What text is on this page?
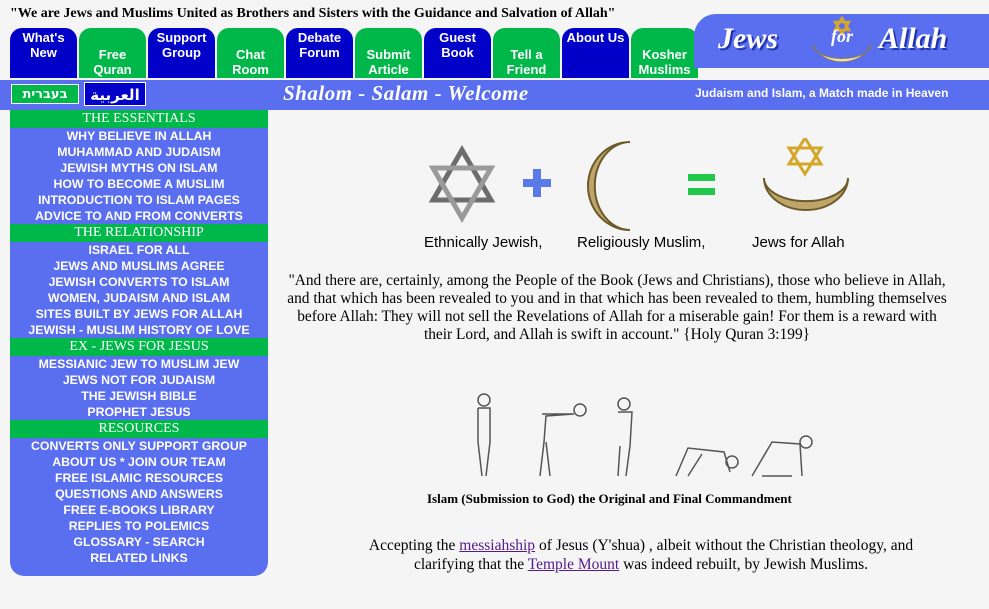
"We are Jews and Muslims United as Brothers and Sisters with the Guidance and Salvation of Allah"
What's New	Free Quran
Support Group	Chat Room
Debate Forum	Submit Article
Guest Book	Tell a Friend
About Us
Kosher Muslims
Jews	for Allah
בעברית	العربية	Shalom - Salam - Welcome	Judaism and Islam, a Match made in Heaven
THE ESSENTIALS
WHY BELIEVE IN ALLAH
MUHAMMAD AND JUDAISM
JEWISH MYTHS ON ISLAM
HOW TO BECOME A MUSLIM
INTRODUCTION TO ISLAM PAGES
ADVICE TO AND FROM CONVERTS
THE RELATIONSHIP
ISRAEL FOR ALL
JEWS AND MUSLIMS AGREE
JEWISH CONVERTS TO ISLAM
WOMEN, JUDAISM AND ISLAM
SITES BUILT BY JEWS FOR ALLAH
JEWISH - MUSLIM HISTORY OF LOVE
EX - JEWS FOR JESUS
MESSIANIC JEW TO MUSLIM JEW
JEWS NOT FOR JUDAISM
THE JEWISH BIBLE
PROPHET JESUS
RESOURCES
CONVERTS ONLY SUPPORT GROUP
ABOUT US * JOIN OUR TEAM
FREE ISLAMIC RESOURCES
QUESTIONS AND ANSWERS
FREE E-BOOKS LIBRARY
REPLIES TO POLEMICS
GLOSSARY - SEARCH
RELATED LINKS
Ethnically Jewish, Religiously Muslim,	Jews for Allah
"And there are, certainly, among the People of the Book (Jews and Christians), those who believe in Allah, and that which has been revealed to you and in that which has been revealed to them, humbling themselves before Allah: They will not sell the Revelations of Allah for a miserable gain! For them is a reward with their Lord, and Allah is swift in account." {Holy Quran 3:199}
Islam (Submission to God) the Original and Final Commandment
Accepting the messiahship of Jesus (Y'shua) , albeit without the Christian theology, and clarifying that the Temple Mount was indeed rebuilt, by Jewish Muslims.
